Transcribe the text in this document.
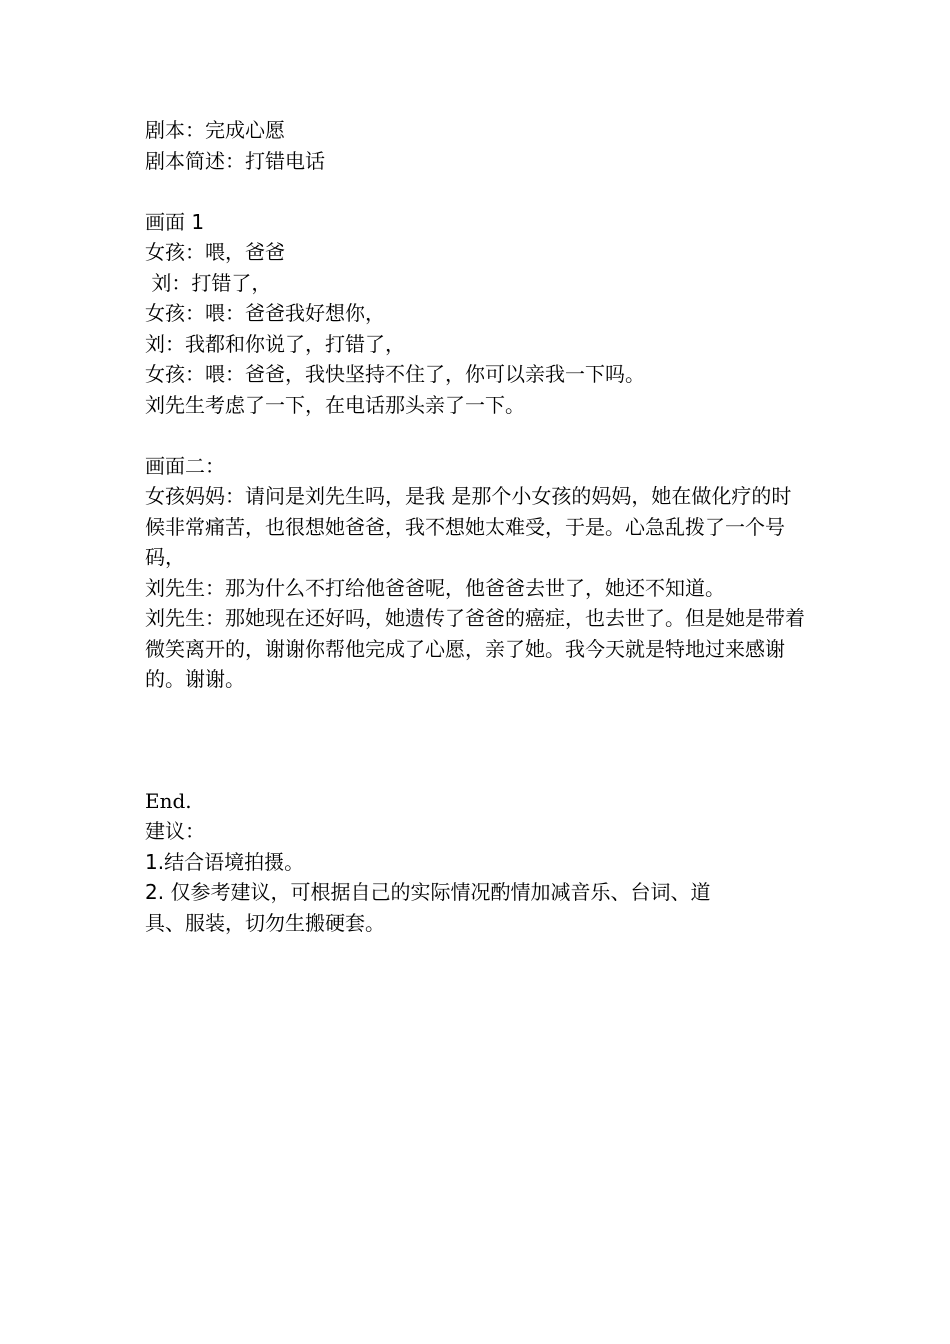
剧本：完成心愿

剧本简述：打错电话

画面 1

女孩：喂，爸爸

刘：打错了，

女孩：喂：爸爸我好想你，

刘：我都和你说了，打错了，

女孩：喂：爸爸，我快坚持不住了，你可以亲我一下吗。

刘先生考虑了一下，在电话那头亲了一下。

画面二：

女孩妈妈：请问是刘先生吗，是我 是那个小女孩的妈妈，她在做化疗的时候非常痛苦，也很想她爸爸，我不想她太难受，于是。心急乱拨了一个号码，

刘先生：那为什么不打给他爸爸呢，他爸爸去世了，她还不知道。

刘先生：那她现在还好吗，她遗传了爸爸的癌症，也去世了。但是她是带着微笑离开的，谢谢你帮他完成了心愿，亲了她。我今天就是特地过来感谢的。谢谢。

End.

建议：

1.结合语境拍摄。

2. 仅参考建议，可根据自己的实际情况酌情加减音乐、台词、道

具、服装，切勿生搬硬套。
